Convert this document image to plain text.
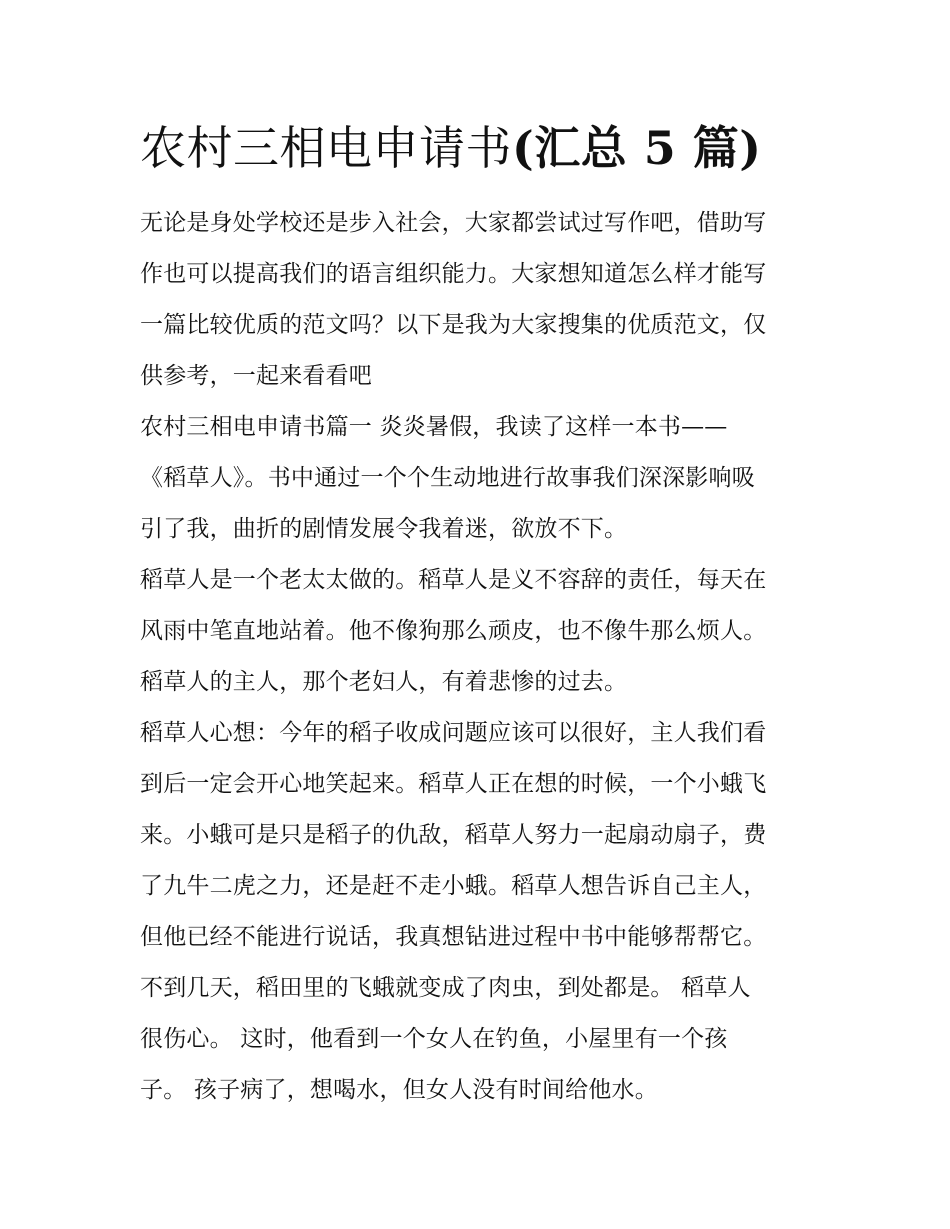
农村三相电申请书(汇总 5 篇)
无论是身处学校还是步入社会，大家都尝试过写作吧，借助写
作也可以提高我们的语言组织能力。大家想知道怎么样才能写
一篇比较优质的范文吗？以下是我为大家搜集的优质范文，仅
供参考，一起来看看吧
农村三相电申请书篇一 炎炎暑假，我读了这样一本书——
《稻草人》。书中通过一个个生动地进行故事我们深深影响吸
引了我，曲折的剧情发展令我着迷，欲放不下。
稻草人是一个老太太做的。稻草人是义不容辞的责任，每天在
风雨中笔直地站着。他不像狗那么顽皮，也不像牛那么烦人。
稻草人的主人，那个老妇人，有着悲惨的过去。
稻草人心想：今年的稻子收成问题应该可以很好，主人我们看
到后一定会开心地笑起来。稻草人正在想的时候，一个小蛾飞
来。小蛾可是只是稻子的仇敌，稻草人努力一起扇动扇子，费
了九牛二虎之力，还是赶不走小蛾。稻草人想告诉自己主人，
但他已经不能进行说话，我真想钻进过程中书中能够帮帮它。
不到几天，稻田里的飞蛾就变成了肉虫，到处都是。 稻草人
很伤心。 这时，他看到一个女人在钓鱼，小屋里有一个孩
子。 孩子病了，想喝水，但女人没有时间给他水。
